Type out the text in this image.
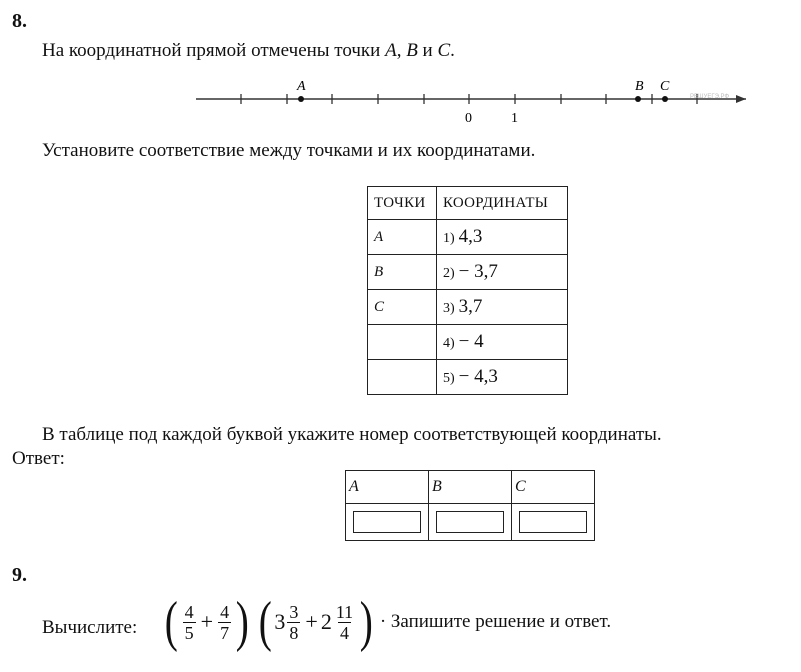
8.
На координатной прямой отмечены точки A, B и C.
A	B C
0	1
РЕШУЕГЭ.РФ
Установите соответствие между точками и их координатами.
ТОЧКИ	КООРДИНАТЫ
A	1) 4,3
B	2) − 3,7
C	3) 3,7
	4) − 4
	5) − 4,3
В таблице под каждой буквой укажите номер соответствующей координаты.
Ответ:
A	B	C

9.
Вычислите: ( $\frac{4}{5} + \frac{4}{7}$ ) ( $3 \frac{3}{8} + 2 \frac{11}{4}$ ) · Запишите решение и ответ.
